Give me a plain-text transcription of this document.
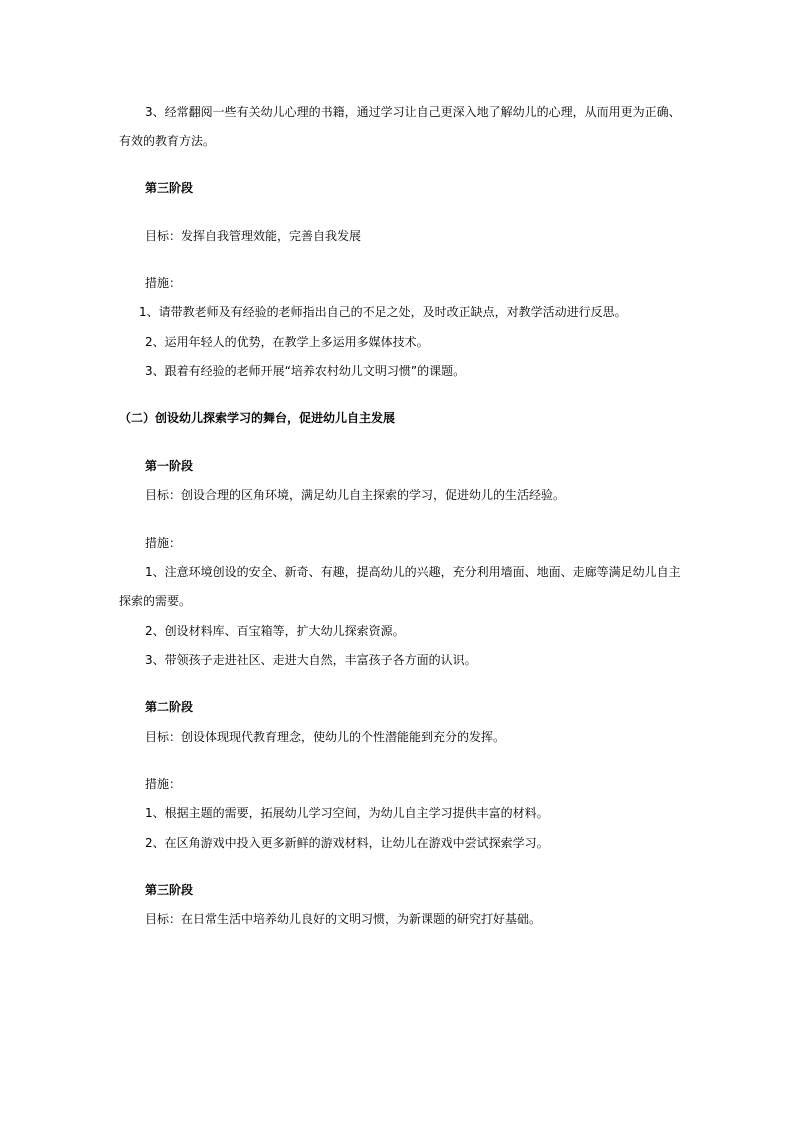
3、经常翻阅一些有关幼儿心理的书籍，通过学习让自己更深入地了解幼儿的心理，从而用更为正确、
有效的教育方法。
第三阶段
目标：发挥自我管理效能，完善自我发展
措施：
1、请带教老师及有经验的老师指出自己的不足之处，及时改正缺点，对教学活动进行反思。
2、运用年轻人的优势，在教学上多运用多媒体技术。
3、跟着有经验的老师开展“培养农村幼儿文明习惯”的课题。
（二）创设幼儿探索学习的舞台，促进幼儿自主发展
第一阶段
目标：创设合理的区角环境，满足幼儿自主探索的学习，促进幼儿的生活经验。
措施：
1、注意环境创设的安全、新奇、有趣，提高幼儿的兴趣，充分利用墙面、地面、走廊等满足幼儿自主
探索的需要。
2、创设材料库、百宝箱等，扩大幼儿探索资源。
3、带领孩子走进社区、走进大自然，丰富孩子各方面的认识。
第二阶段
目标：创设体现现代教育理念，使幼儿的个性潜能能到充分的发挥。
措施：
1、根据主题的需要，拓展幼儿学习空间，为幼儿自主学习提供丰富的材料。
2、在区角游戏中投入更多新鲜的游戏材料，让幼儿在游戏中尝试探索学习。
第三阶段
目标：在日常生活中培养幼儿良好的文明习惯，为新课题的研究打好基础。
